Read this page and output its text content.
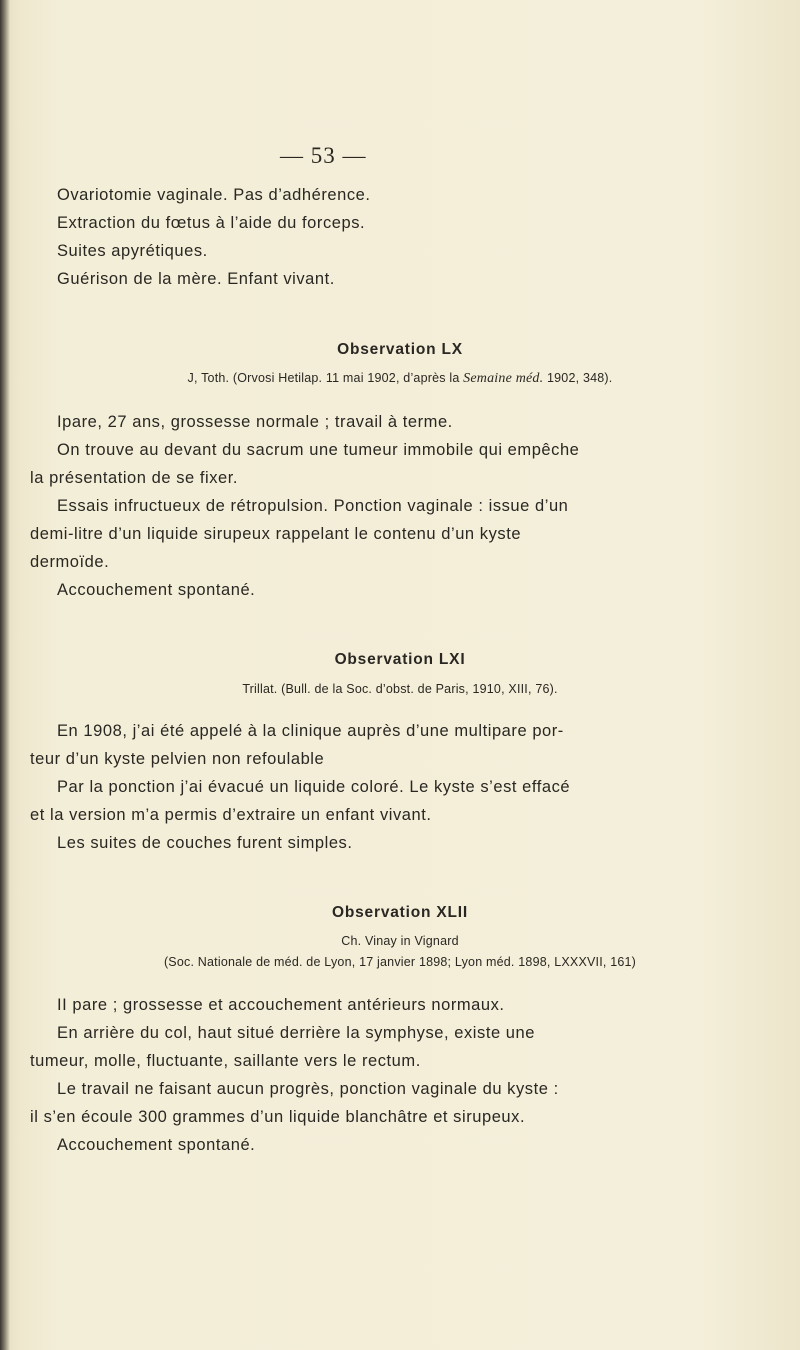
— 53 —
Ovariotomie vaginale. Pas d’adhérence.
Extraction du fœtus à l’aide du forceps.
Suites apyrétiques.
Guérison de la mère. Enfant vivant.
Observation LX
J, Toth. (Orvosi Hetilap. 11 mai 1902, d’après la Semaine méd. 1902, 348).
Ipare, 27 ans, grossesse normale ; travail à terme.
On trouve au devant du sacrum une tumeur immobile qui empêche
la présentation de se fixer.
Essais infructueux de rétropulsion. Ponction vaginale : issue d’un
demi-litre d’un liquide sirupeux rappelant le contenu d’un kyste
dermoïde.
Accouchement spontané.
Observation LXI
Trillat. (Bull. de la Soc. d’obst. de Paris, 1910, XIII, 76).
En 1908, j’ai été appelé à la clinique auprès d’une multipare por-
teur d’un kyste pelvien non refoulable
Par la ponction j’ai évacué un liquide coloré. Le kyste s’est effacé
et la version m’a permis d’extraire un enfant vivant.
Les suites de couches furent simples.
Observation XLII
Ch. Vinay in Vignard
(Soc. Nationale de méd. de Lyon, 17 janvier 1898; Lyon méd. 1898, LXXXVII, 161)
II pare ; grossesse et accouchement antérieurs normaux.
En arrière du col, haut situé derrière la symphyse, existe une
tumeur, molle, fluctuante, saillante vers le rectum.
Le travail ne faisant aucun progrès, ponction vaginale du kyste :
il s’en écoule 300 grammes d’un liquide blanchâtre et sirupeux.
Accouchement spontané.
